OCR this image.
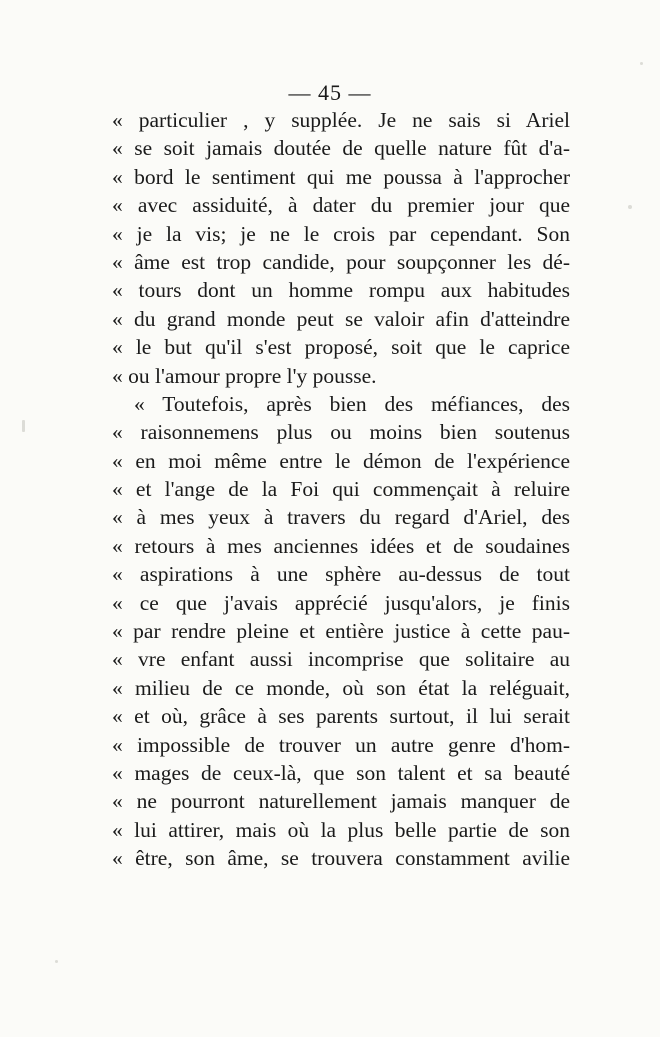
— 45 —
« particulier , y supplée. Je ne sais si Ariel
« se soit jamais doutée de quelle nature fût d'a-
« bord le sentiment qui me poussa à l'approcher
« avec assiduité, à dater du premier jour que
« je la vis; je ne le crois par cependant. Son
« âme est trop candide, pour soupçonner les dé-
« tours dont un homme rompu aux habitudes
« du grand monde peut se valoir afin d'atteindre
« le but qu'il s'est proposé, soit que le caprice
« ou l'amour propre l'y pousse.
« Toutefois, après bien des méfiances, des
« raisonnemens plus ou moins bien soutenus
« en moi même entre le démon de l'expérience
« et l'ange de la Foi qui commençait à reluire
« à mes yeux à travers du regard d'Ariel, des
« retours à mes anciennes idées et de soudaines
« aspirations à une sphère au-dessus de tout
« ce que j'avais apprécié jusqu'alors, je finis
« par rendre pleine et entière justice à cette pau-
« vre enfant aussi incomprise que solitaire au
« milieu de ce monde, où son état la reléguait,
« et où, grâce à ses parents surtout, il lui serait
« impossible de trouver un autre genre d'hom-
« mages de ceux-là, que son talent et sa beauté
« ne pourront naturellement jamais manquer de
« lui attirer, mais où la plus belle partie de son
« être, son âme, se trouvera constamment avilie
